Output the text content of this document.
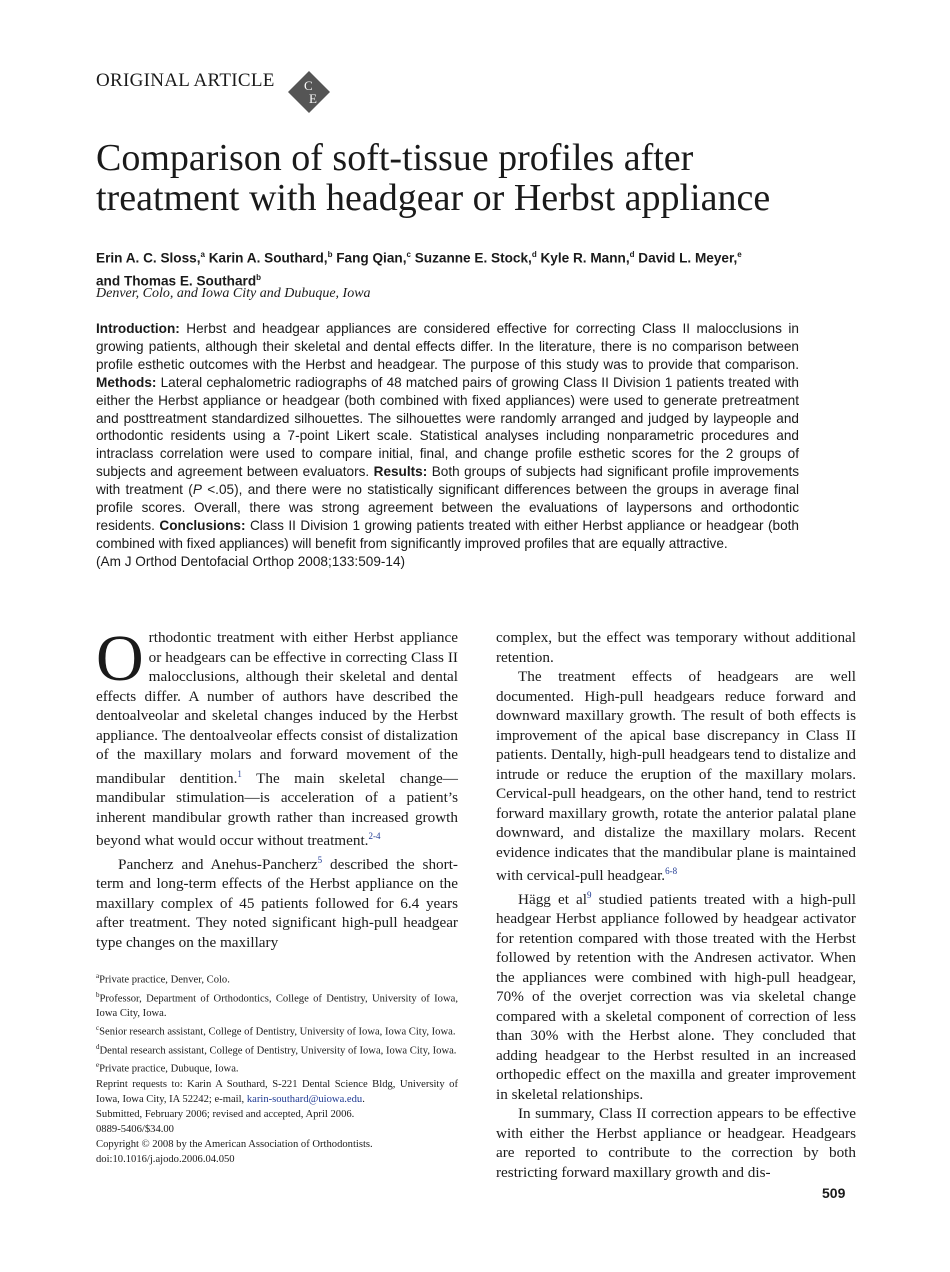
ORIGINAL ARTICLE C
E
Comparison of soft-tissue profiles after
treatment with headgear or Herbst appliance
Erin A. C. Sloss,$^a$ Karin A. Southard,$^b$ Fang Qian,$^c$ Suzanne E. Stock,$^d$ Kyle R. Mann,$^d$ David L. Meyer,$^e$
and Thomas E. Southard$^b$
Denver, Colo, and Iowa City and Dubuque, Iowa

Introduction: Herbst and headgear appliances are considered effective for correcting Class II malocclusions in growing patients, although their skeletal and dental effects differ. In the literature, there is no comparison between profile esthetic outcomes with the Herbst and headgear. The purpose of this study was to provide that comparison. Methods: Lateral cephalometric radiographs of 48 matched pairs of growing Class II Division 1 patients treated with either the Herbst appliance or headgear (both combined with fixed appliances) were used to generate pretreatment and posttreatment standardized silhouettes. The silhouettes were randomly arranged and judged by laypeople and orthodontic residents using a 7-point Likert scale. Statistical analyses including nonparametric procedures and intraclass correlation were used to compare initial, final, and change profile esthetic scores for the 2 groups of subjects and agreement between evaluators. Results: Both groups of subjects had significant profile improvements with treatment (P <.05), and there were no statistically significant differences between the groups in average final profile scores. Overall, there was strong agreement between the evaluations of laypersons and orthodontic residents. Conclusions: Class II Division 1 growing patients treated with either Herbst appliance or headgear (both combined with fixed appliances) will benefit from significantly improved profiles that are equally attractive.
(Am J Orthod Dentofacial Orthop 2008;133:509-14)

Orthodontic treatment with either Herbst appliance or headgears can be effective in correcting Class II malocclusions, although their skeletal and dental effects differ. A number of authors have described the dentoalveolar and skeletal changes induced by the Herbst appliance. The dentoalveolar effects consist of distalization of the maxillary molars and forward movement of the mandibular dentition.$^1$ The main skeletal change—mandibular stimulation—is acceleration of a patient’s inherent mandibular growth rather than increased growth beyond what would occur without treatment.$^{2-4}$

Pancherz and Anehus-Pancherz$^5$ described the short-term and long-term effects of the Herbst appliance on the maxillary complex of 45 patients followed for 6.4 years after treatment. They noted significant high-pull headgear type changes on the maxillary

complex, but the effect was temporary without additional retention.

The treatment effects of headgears are well documented. High-pull headgears reduce forward and downward maxillary growth. The result of both effects is improvement of the apical base discrepancy in Class II patients. Dentally, high-pull headgears tend to distalize and intrude or reduce the eruption of the maxillary molars. Cervical-pull headgears, on the other hand, tend to restrict forward maxillary growth, rotate the anterior palatal plane downward, and distalize the maxillary molars. Recent evidence indicates that the mandibular plane is maintained with cervical-pull headgear.$^{6-8}$

Hägg et al$^9$ studied patients treated with a high-pull headgear Herbst appliance followed by headgear activator for retention compared with those treated with the Herbst followed by retention with the Andresen activator. When the appliances were combined with high-pull headgear, 70% of the overjet correction was via skeletal change compared with a skeletal component of correction of less than 30% with the Herbst alone. They concluded that adding headgear to the Herbst resulted in an increased orthopedic effect on the maxilla and greater improvement in skeletal relationships.

In summary, Class II correction appears to be effective with either the Herbst appliance or headgear. Headgears are reported to contribute to the correction by both restricting forward maxillary growth and dis-

$^a$Private practice, Denver, Colo.
$^b$Professor, Department of Orthodontics, College of Dentistry, University of Iowa, Iowa City, Iowa.
$^c$Senior research assistant, College of Dentistry, University of Iowa, Iowa City, Iowa.
$^d$Dental research assistant, College of Dentistry, University of Iowa, Iowa City, Iowa.
$^e$Private practice, Dubuque, Iowa.
Reprint requests to: Karin A Southard, S-221 Dental Science Bldg, University of Iowa, Iowa City, IA 52242; e-mail, karin-southard@uiowa.edu.
Submitted, February 2006; revised and accepted, April 2006.
0889-5406/$34.00
Copyright © 2008 by the American Association of Orthodontists.
doi:10.1016/j.ajodo.2006.04.050
509
